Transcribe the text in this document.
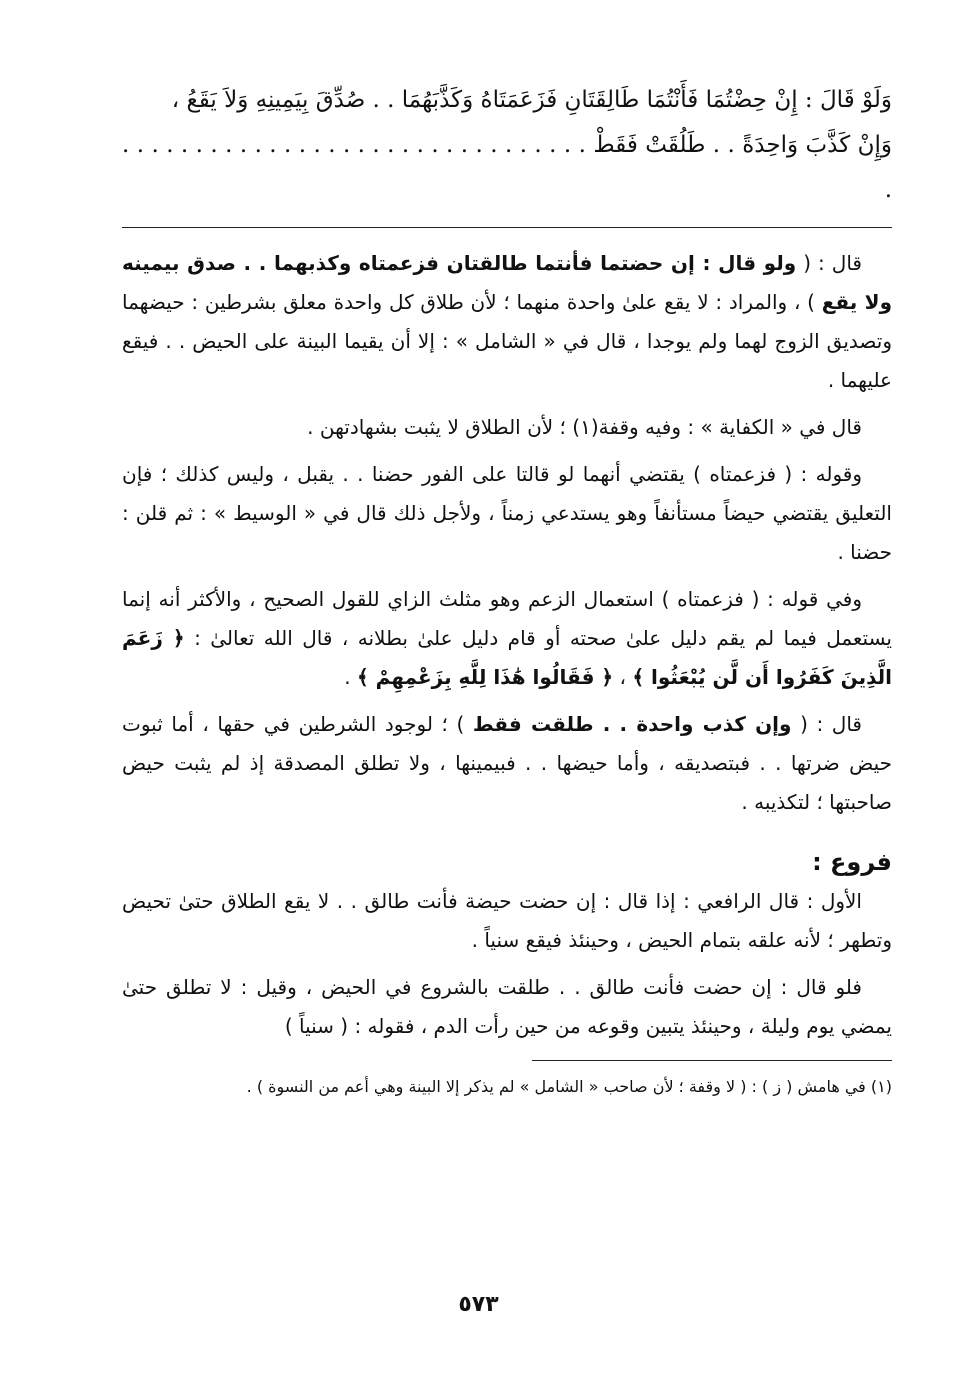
وَلَوْ قَالَ : إِنْ حِضْتُمَا فَأَنْتُمَا طَالِقَتَانِ فَزَعَمَتَاهُ وَكَذَّبَهُمَا . . صُدِّقَ بِيَمِينِهِ وَلاَ يَقَعُ ،

وَإِنْ كَذَّبَ وَاحِدَةً . . طَلُقَتْ فَقَطْ . . . . . . . . . . . . . . . . . . . . . . . . . . . . . . . . .

قال : ( ولو قال : إن حضتما فأنتما طالقتان فزعمتاه وكذبهما . . صدق بيمينه ولا يقع ) ، والمراد : لا يقع علىٰ واحدة منهما ؛ لأن طلاق كل واحدة معلق بشرطين : حيضهما وتصديق الزوج لهما ولم يوجدا ، قال في « الشامل » : إلا أن يقيما البينة على الحيض . . فيقع عليهما .

قال في « الكفاية » : وفيه وقفة(١) ؛ لأن الطلاق لا يثبت بشهادتهن .

وقوله : ( فزعمتاه ) يقتضي أنهما لو قالتا على الفور حضنا . . يقبل ، وليس كذلك ؛ فإن التعليق يقتضي حيضاً مستأنفاً وهو يستدعي زمناً ، ولأجل ذلك قال في « الوسيط » : ثم قلن : حضنا .

وفي قوله : ( فزعمتاه ) استعمال الزعم وهو مثلث الزاي للقول الصحيح ، والأكثر أنه إنما يستعمل فيما لم يقم دليل علىٰ صحته أو قام دليل علىٰ بطلانه ، قال الله تعالىٰ : ﴿ زَعَمَ الَّذِينَ كَفَرُوا أَن لَّن يُبْعَثُوا ﴾ ، ﴿ فَقَالُوا هَٰذَا لِلَّهِ بِزَعْمِهِمْ ﴾ .

قال : ( وإن كذب واحدة . . طلقت فقط ) ؛ لوجود الشرطين في حقها ، أما ثبوت حيض ضرتها . . فبتصديقه ، وأما حيضها . . فبيمينها ، ولا تطلق المصدقة إذ لم يثبت حيض صاحبتها ؛ لتكذيبه .

فروع :

الأول : قال الرافعي : إذا قال : إن حضت حيضة فأنت طالق . . لا يقع الطلاق حتىٰ تحيض وتطهر ؛ لأنه علقه بتمام الحيض ، وحينئذ فيقع سنياً .

فلو قال : إن حضت فأنت طالق . . طلقت بالشروع في الحيض ، وقيل : لا تطلق حتىٰ يمضي يوم وليلة ، وحينئذ يتبين وقوعه من حين رأت الدم ، فقوله : ( سنياً )

(١) في هامش ( ز ) : ( لا وقفة ؛ لأن صاحب « الشامل » لم يذكر إلا البينة وهي أعم من النسوة ) .

٥٧٣
